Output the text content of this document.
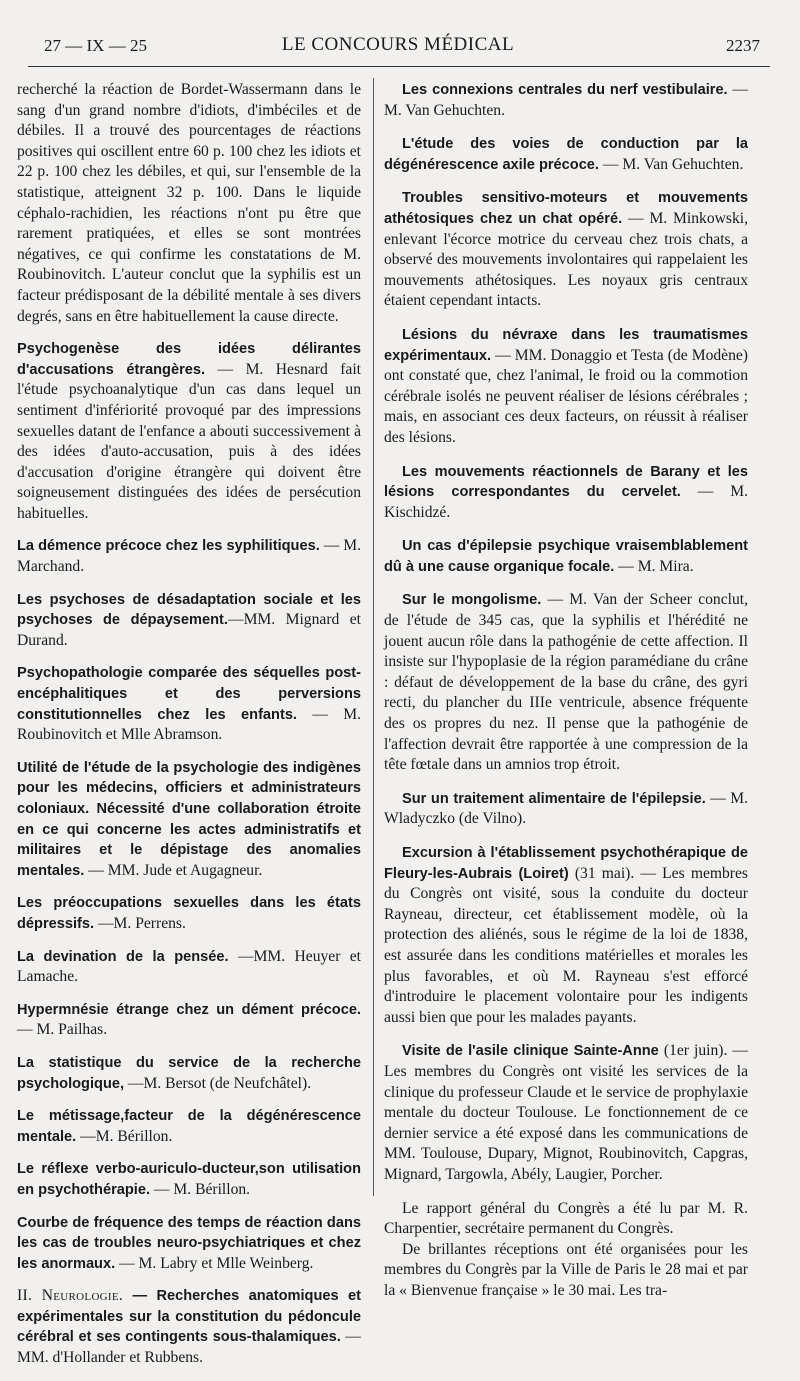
27 — IX — 25	LE CONCOURS MÉDICAL	2237

recherché la réaction de Bordet-Wassermann dans le sang d'un grand nombre d'idiots, d'imbéciles et de débiles. Il a trouvé des pourcentages de réactions positives qui oscillent entre 60 p. 100 chez les idiots et 22 p. 100 chez les débiles, et qui, sur l'ensemble de la statistique, atteignent 32 p. 100. Dans le liquide céphalo-rachidien, les réactions n'ont pu être que rarement pratiquées, et elles se sont montrées négatives, ce qui confirme les constatations de M. Roubinovitch. L'auteur conclut que la syphilis est un facteur prédisposant de la débilité mentale à ses divers degrés, sans en être habituellement la cause directe.

Psychogenèse des idées délirantes d'accusations étrangères. — M. Hesnard fait l'étude psychoanalytique d'un cas dans lequel un sentiment d'infériorité provoqué par des impressions sexuelles datant de l'enfance a abouti successivement à des idées d'auto-accusation, puis à des idées d'accusation d'origine étrangère qui doivent être soigneusement distinguées des idées de persécution habituelles.

La démence précoce chez les syphilitiques. — M. Marchand.

Les psychoses de désadaptation sociale et les psychoses de dépaysement.—MM. Mignard et Durand.

Psychopathologie comparée des séquelles post-encéphalitiques et des perversions constitutionnelles chez les enfants. — M. Roubinovitch et Mlle Abramson.

Utilité de l'étude de la psychologie des indigènes pour les médecins, officiers et administrateurs coloniaux. Nécessité d'une collaboration étroite en ce qui concerne les actes administratifs et militaires et le dépistage des anomalies mentales. — MM. Jude et Augagneur.

Les préoccupations sexuelles dans les états dépressifs. —M. Perrens.

La devination de la pensée. —MM. Heuyer et Lamache.

Hypermnésie étrange chez un dément précoce. — M. Pailhas.

La statistique du service de la recherche psychologique, —M. Bersot (de Neufchâtel).

Le métissage,facteur de la dégénérescence mentale. —M. Bérillon.

Le réflexe verbo-auriculo-ducteur,son utilisation en psychothérapie. — M. Bérillon.

Courbe de fréquence des temps de réaction dans les cas de troubles neuro-psychiatriques et chez les anormaux. — M. Labry et Mlle Weinberg.

II. Neurologie. — Recherches anatomiques et expérimentales sur la constitution du pédoncule cérébral et ses contingents sous-thalamiques. — MM. d'Hollander et Rubbens.

Les connexions centrales du nerf vestibulaire. — M. Van Gehuchten.

L'étude des voies de conduction par la dégénérescence axile précoce. — M. Van Gehuchten.

Troubles sensitivo-moteurs et mouvements athétosiques chez un chat opéré. — M. Minkowski, enlevant l'écorce motrice du cerveau chez trois chats, a observé des mouvements involontaires qui rappelaient les mouvements athétosiques. Les noyaux gris centraux étaient cependant intacts.

Lésions du névraxe dans les traumatismes expérimentaux. — MM. Donaggio et Testa (de Modène) ont constaté que, chez l'animal, le froid ou la commotion cérébrale isolés ne peuvent réaliser de lésions cérébrales ; mais, en associant ces deux facteurs, on réussit à réaliser des lésions.

Les mouvements réactionnels de Barany et les lésions correspondantes du cervelet. — M. Kischidzé.

Un cas d'épilepsie psychique vraisemblablement dû à une cause organique focale. — M. Mira.

Sur le mongolisme. — M. Van der Scheer conclut, de l'étude de 345 cas, que la syphilis et l'hérédité ne jouent aucun rôle dans la pathogénie de cette affection. Il insiste sur l'hypoplasie de la région paramédiane du crâne : défaut de développement de la base du crâne, des gyri recti, du plancher du IIIe ventricule, absence fréquente des os propres du nez. Il pense que la pathogénie de l'affection devrait être rapportée à une compression de la tête fœtale dans un amnios trop étroit.

Sur un traitement alimentaire de l'épilepsie. — M. Wladyczko (de Vilno).

Excursion à l'établissement psychothérapique de Fleury-les-Aubrais (Loiret) (31 mai). — Les membres du Congrès ont visité, sous la conduite du docteur Rayneau, directeur, cet établissement modèle, où la protection des aliénés, sous le régime de la loi de 1838, est assurée dans les conditions matérielles et morales les plus favorables, et où M. Rayneau s'est efforcé d'introduire le placement volontaire pour les indigents aussi bien que pour les malades payants.

Visite de l'asile clinique Sainte-Anne (1er juin). — Les membres du Congrès ont visité les services de la clinique du professeur Claude et le service de prophylaxie mentale du docteur Toulouse. Le fonctionnement de ce dernier service a été exposé dans les communications de MM. Toulouse, Dupary, Mignot, Roubinovitch, Capgras, Mignard, Targowla, Abély, Laugier, Porcher.

Le rapport général du Congrès a été lu par M. R. Charpentier, secrétaire permanent du Congrès.

De brillantes réceptions ont été organisées pour les membres du Congrès par la Ville de Paris le 28 mai et par la « Bienvenue française » le 30 mai. Les tra-
